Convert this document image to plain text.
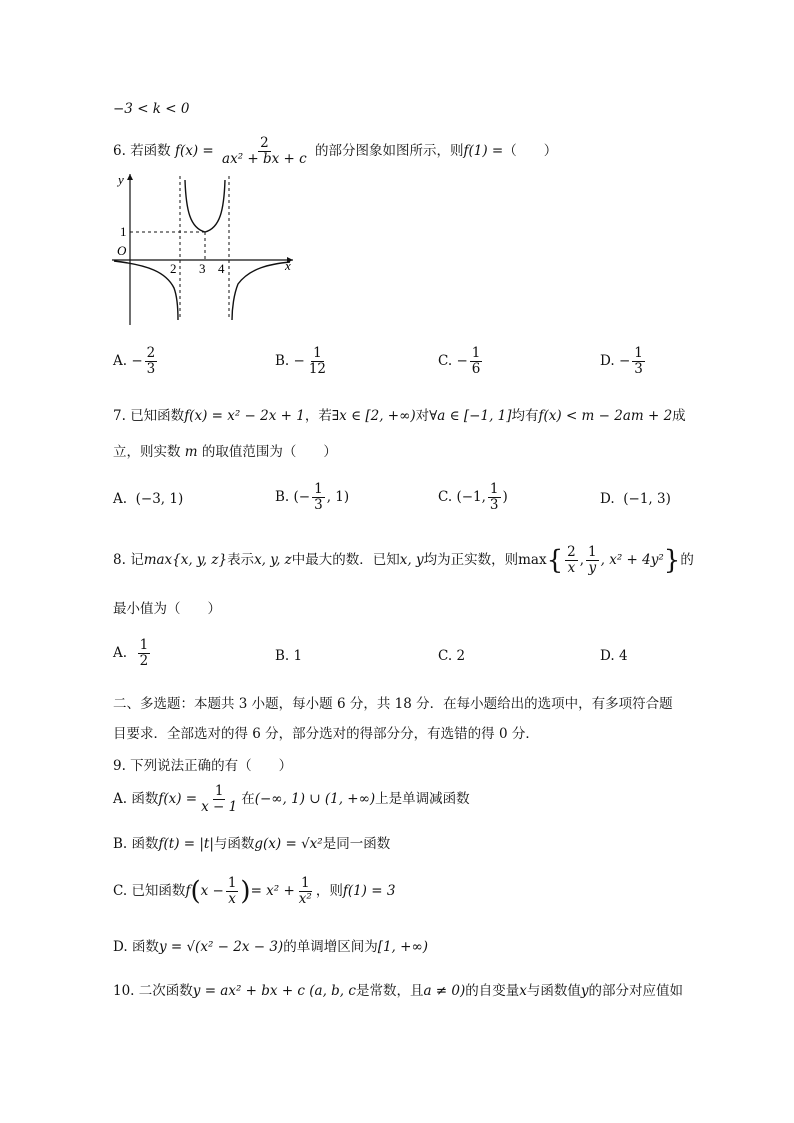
−3 < k < 0
6. 若函数 $f(x) = \frac{2}{\text{ax² + bx + c}}$ 的部分图象如图所示，则f(1) =（　　）
y
x
O
1
2 3 4
A. − $\frac{2}{3}$	B. − $\frac{1}{12}$	C. − $\frac{1}{6}$	D. − $\frac{1}{3}$
7. 已知函数f(x) = x² − 2x + 1，若∃x ∈ [2, +∞)对∀a ∈ [−1, 1]均有f(x) < m − 2am + 2成
立，则实数 m 的取值范围为（　　）
A. (−3, 1)	B. (− $\frac{1}{3}$ , 1)	C. (−1, $\frac{1}{3}$ )	D. (−1, 3)
8. 记max{x, y, z}表示x, y, z中最大的数．已知x, y均为正实数，则$\max\{ \frac{2}{x}$ , $\frac{1}{y}$ , x² + 4y²}的
最小值为（　　）
A. $\frac{1}{2}$	B. 1	C. 2	D. 4
二、多选题：本题共 3 小题，每小题 6 分，共 18 分．在每小题给出的选项中，有多项符合题
目要求．全部选对的得 6 分，部分选对的得部分分，有选错的得 0 分．
9. 下列说法正确的有（　　）
A. 函数$f(x) = \frac{1}{x - 1}$ 在(−∞, 1) ∪ (1, +∞)上是单调减函数
B. 函数f(t) = |t|与函数g(x) = √x²是同一函数
C. 已知函数$f(x - \frac{1}{x}$ )= $x^2 + \frac{1}{\text{x²}}$ ，则f(1) = 3
D. 函数y = √(x² − 2x − 3)的单调增区间为[1, +∞)
10. 二次函数y = ax² + bx + c (a, b, c是常数，且a ≠ 0)的自变量x与函数值y的部分对应值如
